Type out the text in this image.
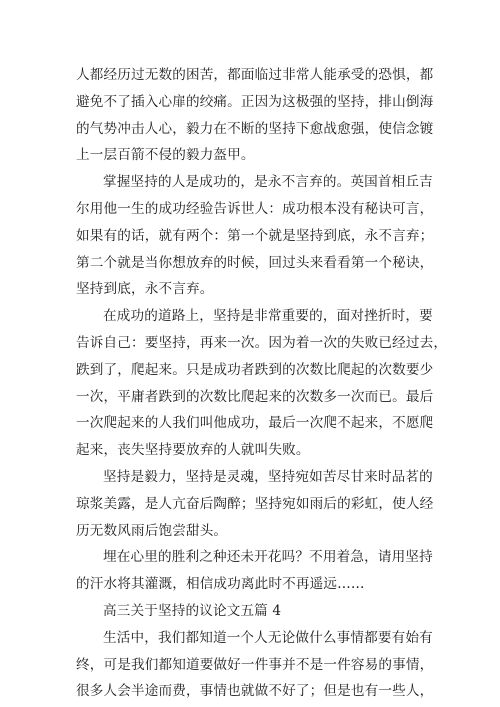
人都经历过无数的困苦，都面临过非常人能承受的恐惧，都
避免不了插入心扉的绞痛。正因为这极强的坚持，排山倒海
的气势冲击人心，毅力在不断的坚持下愈战愈强，使信念镀
上一层百箭不侵的毅力盔甲。
掌握坚持的人是成功的，是永不言弃的。英国首相丘吉
尔用他一生的成功经验告诉世人：成功根本没有秘诀可言，
如果有的话，就有两个：第一个就是坚持到底，永不言弃；
第二个就是当你想放弃的时候，回过头来看看第一个秘诀，
坚持到底，永不言弃。
在成功的道路上，坚持是非常重要的，面对挫折时，要
告诉自己：要坚持，再来一次。因为着一次的失败已经过去，
跌到了，爬起来。只是成功者跌到的次数比爬起的次数要少
一次，平庸者跌到的次数比爬起来的次数多一次而已。最后
一次爬起来的人我们叫他成功，最后一次爬不起来，不愿爬
起来，丧失坚持要放弃的人就叫失败。
坚持是毅力，坚持是灵魂，坚持宛如苦尽甘来时品茗的
琼浆美露，是人亢奋后陶醉；坚持宛如雨后的彩虹，使人经
历无数风雨后饱尝甜头。
埋在心里的胜利之种还未开花吗？不用着急，请用坚持
的汗水将其灌溉，相信成功离此时不再遥远……
高三关于坚持的议论文五篇 4
生活中，我们都知道一个人无论做什么事情都要有始有
终，可是我们都知道要做好一件事并不是一件容易的事情，
很多人会半途而费，事情也就做不好了；但是也有一些人，
